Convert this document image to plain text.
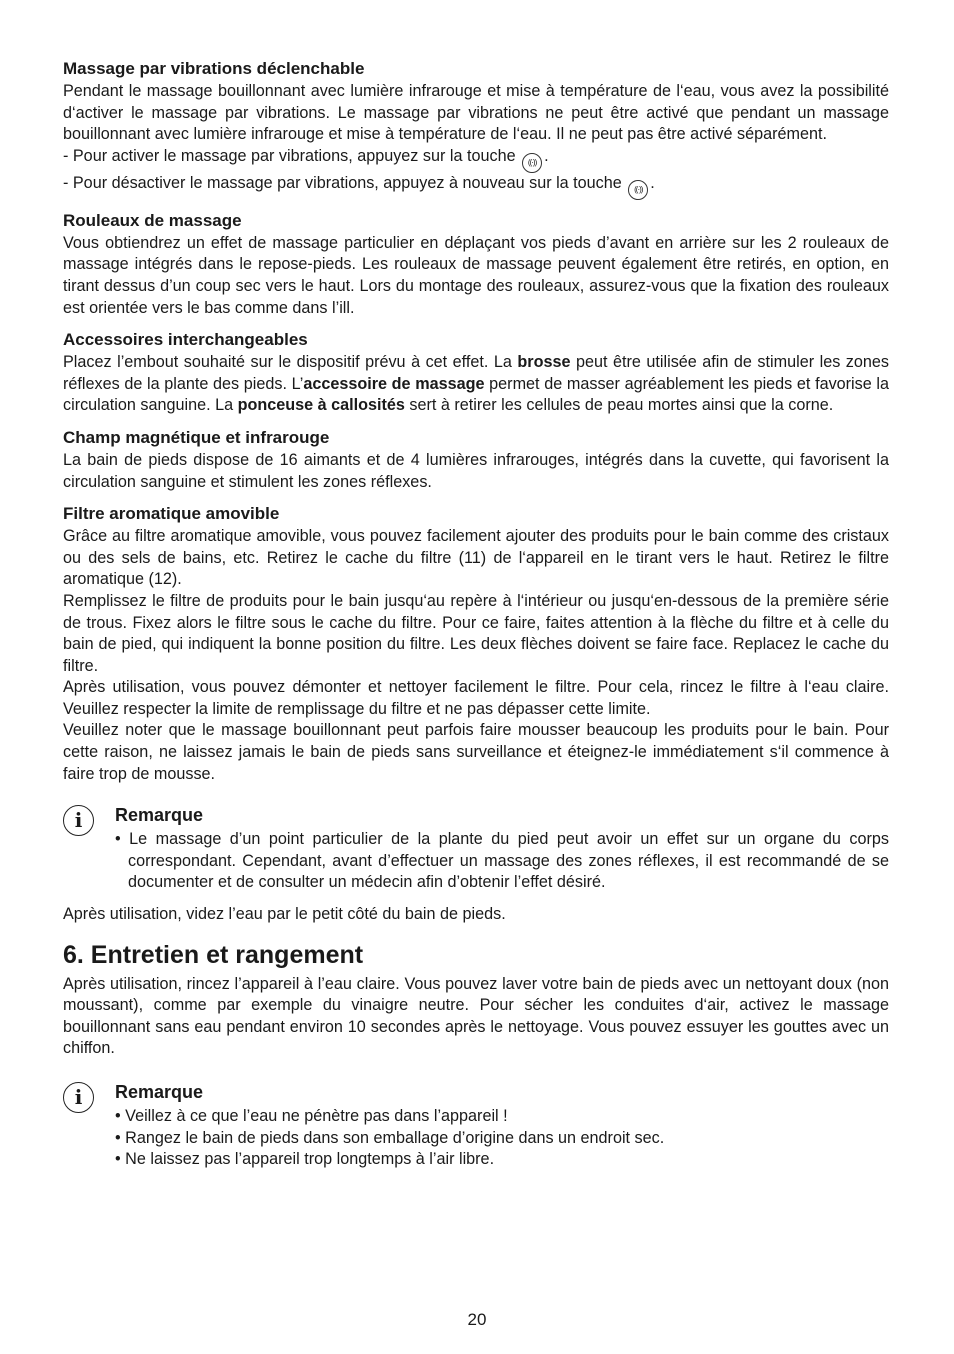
Massage par vibrations déclenchable

Pendant le massage bouillonnant avec lumière infrarouge et mise à température de l‘eau, vous avez la possibilité d‘activer le massage par vibrations. Le massage par vibrations ne peut être activé que pendant un massage bouillonnant avec lumière infrarouge et mise à température de l‘eau. Il ne peut pas être activé séparément.

- Pour activer le massage par vibrations, appuyez sur la touche ((·)) .

- Pour désactiver le massage par vibrations, appuyez à nouveau sur la touche ((·)) .

Rouleaux de massage

Vous obtiendrez un effet de massage particulier en déplaçant vos pieds d’avant en arrière sur les 2 rouleaux de massage intégrés dans le repose-pieds. Les rouleaux de massage peuvent également être retirés, en option, en tirant dessus d’un coup sec vers le haut. Lors du montage des rouleaux, assurez-vous que la fixation des rouleaux est orientée vers le bas comme dans l’ill.

Accessoires interchangeables

Placez l’embout souhaité sur le dispositif prévu à cet effet. La brosse peut être utilisée afin de stimuler les zones réflexes de la plante des pieds. L’accessoire de massage permet de masser agréablement les pieds et favorise la circulation sanguine. La ponceuse à callosités sert à retirer les cellules de peau mortes ainsi que la corne.

Champ magnétique et infrarouge

La bain de pieds dispose de 16 aimants et de 4 lumières infrarouges, intégrés dans la cuvette, qui favorisent la circulation sanguine et stimulent les zones réflexes.

Filtre aromatique amovible

Grâce au filtre aromatique amovible, vous pouvez facilement ajouter des produits pour le bain comme des cristaux ou des sels de bains, etc. Retirez le cache du filtre (11) de l‘appareil en le tirant vers le haut. Retirez le filtre aromatique (12).

Remplissez le filtre de produits pour le bain jusqu‘au repère à l‘intérieur ou jusqu‘en-dessous de la première série de trous. Fixez alors le filtre sous le cache du filtre. Pour ce faire, faites attention à la flèche du filtre et à celle du bain de pied, qui indiquent la bonne position du filtre. Les deux flèches doivent se faire face. Replacez le cache du filtre.

Après utilisation, vous pouvez démonter et nettoyer facilement le filtre. Pour cela, rincez le filtre à l‘eau claire. Veuillez respecter la limite de remplissage du filtre et ne pas dépasser cette limite.

Veuillez noter que le massage bouillonnant peut parfois faire mousser beaucoup les produits pour le bain. Pour cette raison, ne laissez jamais le bain de pieds sans surveillance et éteignez-le immédiatement s‘il commence à faire trop de mousse.

i	Remarque
• Le massage d’un point particulier de la plante du pied peut avoir un effet sur un organe du corps correspondant. Cependant, avant d’effectuer un massage des zones réflexes, il est recommandé de se documenter et de consulter un médecin afin d’obtenir l’effet désiré.

Après utilisation, videz l’eau par le petit côté du bain de pieds.

6. Entretien et rangement

Après utilisation, rincez l’appareil à l’eau claire. Vous pouvez laver votre bain de pieds avec un nettoyant doux (non moussant), comme par exemple du vinaigre neutre. Pour sécher les conduites d‘air, activez le massage bouillonnant sans eau pendant environ 10 secondes après le nettoyage. Vous pouvez essuyer les gouttes avec un chiffon.

i	Remarque
• Veillez à ce que l’eau ne pénètre pas dans l’appareil !
• Rangez le bain de pieds dans son emballage d’origine dans un endroit sec.
• Ne laissez pas l’appareil trop longtemps à l’air libre.
20
